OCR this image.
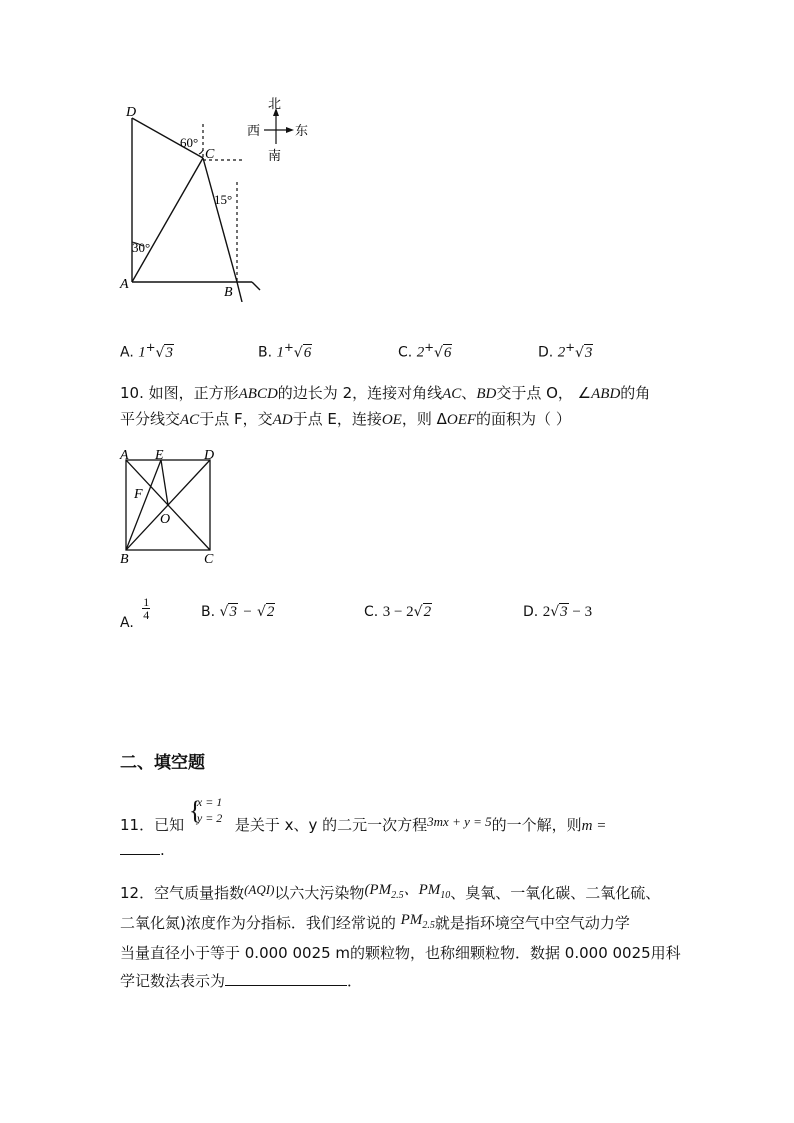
D
C
A
B
60°
15°
30°
北
西	东
南
A. 1+√3	B. 1+√6	C. 2+√6	D. 2+√3
10. 如图，正方形ABCD的边长为 2，连接对角线AC、BD交于点 O， ∠ABD的角
平分线交AC于点 F，交AD于点 E，连接OE，则 ΔOEF的面积为（ ）
A E	D
F
O
B	C
A.
$\frac{1}{4}$	B. √3 − √2	C. 3 − 2√2	D. 2√3 − 3
二、填空题
11．已知 {
x = 1
y = 2 是关于 x、y 的二元一次方程3mx + y = 5的一个解，则m =
.
12．空气质量指数(AQI)以六大污染物($PM_{2.5}$、$PM_{10}$、臭氧、一氧化碳、二氧化硫、
二氧化氮)浓度作为分指标．我们经常说的 $PM_{2.5}$就是指环境空气中空气动力学
当量直径小于等于 0.000 0025 m的颗粒物，也称细颗粒物．数据 0.000 0025用科
学记数法表示为	．
